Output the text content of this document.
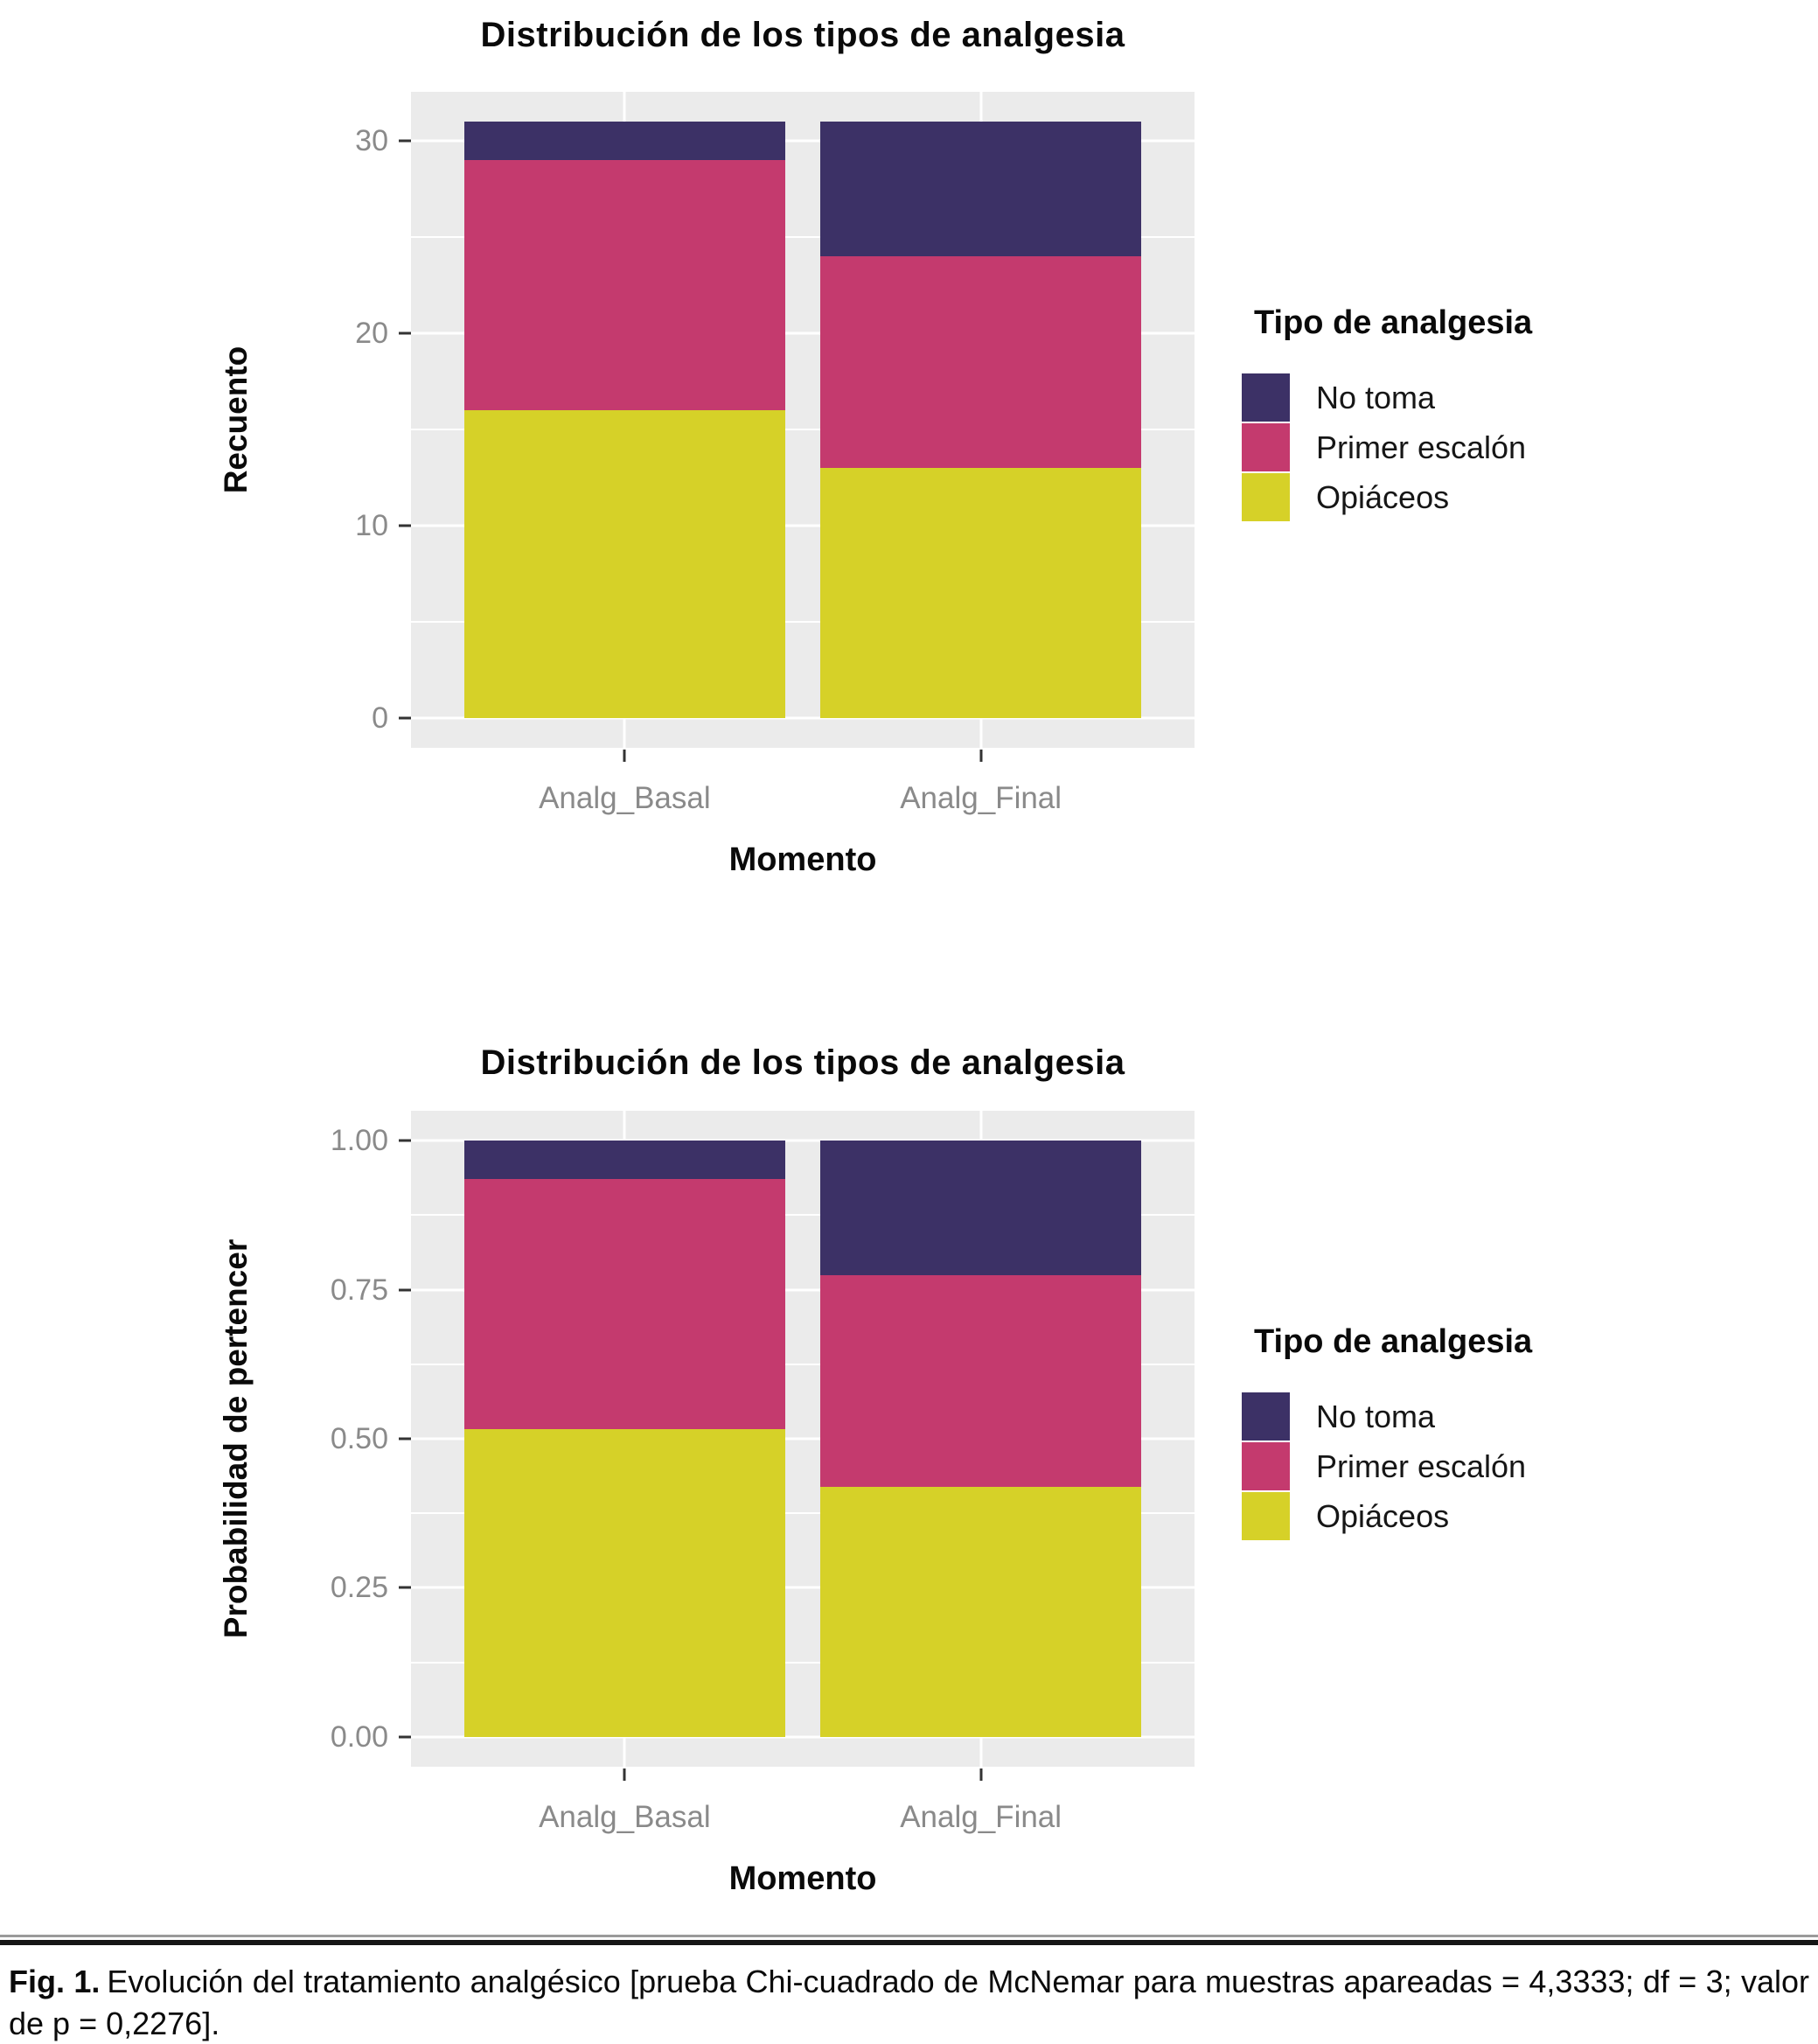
Distribución de los tipos de analgesia
Recuento
0
10
20
30
Analg_Basal	Analg_Final
Momento
Tipo de analgesia
No toma
Primer escalón
Opiáceos
Distribución de los tipos de analgesia
Probabilidad de pertencer
0.00
0.25
0.50
0.75
1.00
Analg_Basal	Analg_Final
Momento
Tipo de analgesia
No toma
Primer escalón
Opiáceos

Fig. 1. Evolución del tratamiento analgésico [prueba Chi-cuadrado de McNemar para muestras apareadas = 4,3333; df = 3; valor de p = 0,2276].
